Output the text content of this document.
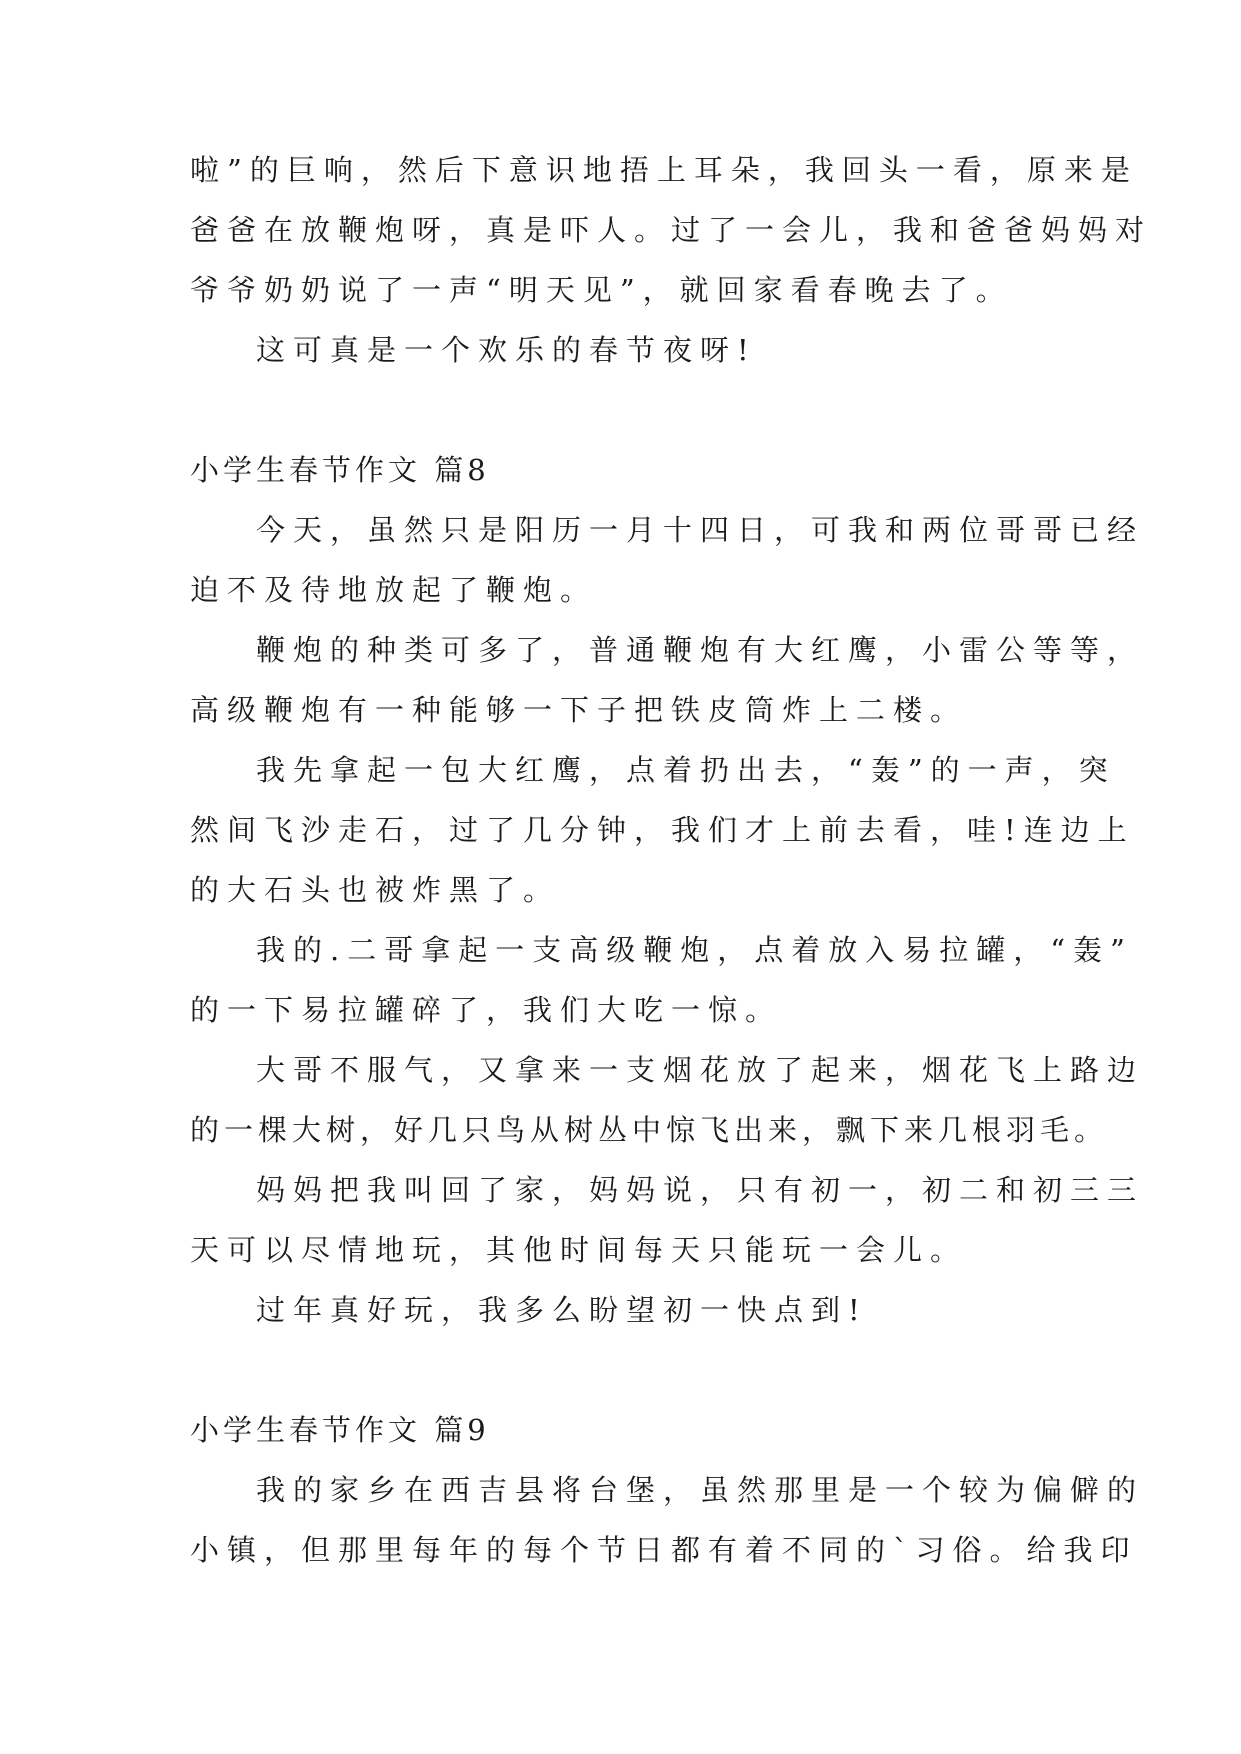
啦”的巨响，然后下意识地捂上耳朵，我回头一看，原来是

爸爸在放鞭炮呀，真是吓人。过了一会儿，我和爸爸妈妈对

爷爷奶奶说了一声“明天见”，就回家看春晚去了。

这可真是一个欢乐的春节夜呀!

小学生春节作文 篇8

今天，虽然只是阳历一月十四日，可我和两位哥哥已经

迫不及待地放起了鞭炮。

鞭炮的种类可多了，普通鞭炮有大红鹰，小雷公等等，

高级鞭炮有一种能够一下子把铁皮筒炸上二楼。

我先拿起一包大红鹰，点着扔出去，“轰”的一声，突

然间飞沙走石，过了几分钟，我们才上前去看，哇!连边上

的大石头也被炸黑了。

我的.二哥拿起一支高级鞭炮，点着放入易拉罐，“轰”

的一下易拉罐碎了，我们大吃一惊。

大哥不服气，又拿来一支烟花放了起来，烟花飞上路边

的一棵大树，好几只鸟从树丛中惊飞出来，飘下来几根羽毛。

妈妈把我叫回了家，妈妈说，只有初一，初二和初三三

天可以尽情地玩，其他时间每天只能玩一会儿。

过年真好玩，我多么盼望初一快点到!

小学生春节作文 篇9

我的家乡在西吉县将台堡，虽然那里是一个较为偏僻的

小镇，但那里每年的每个节日都有着不同的`习俗。给我印
